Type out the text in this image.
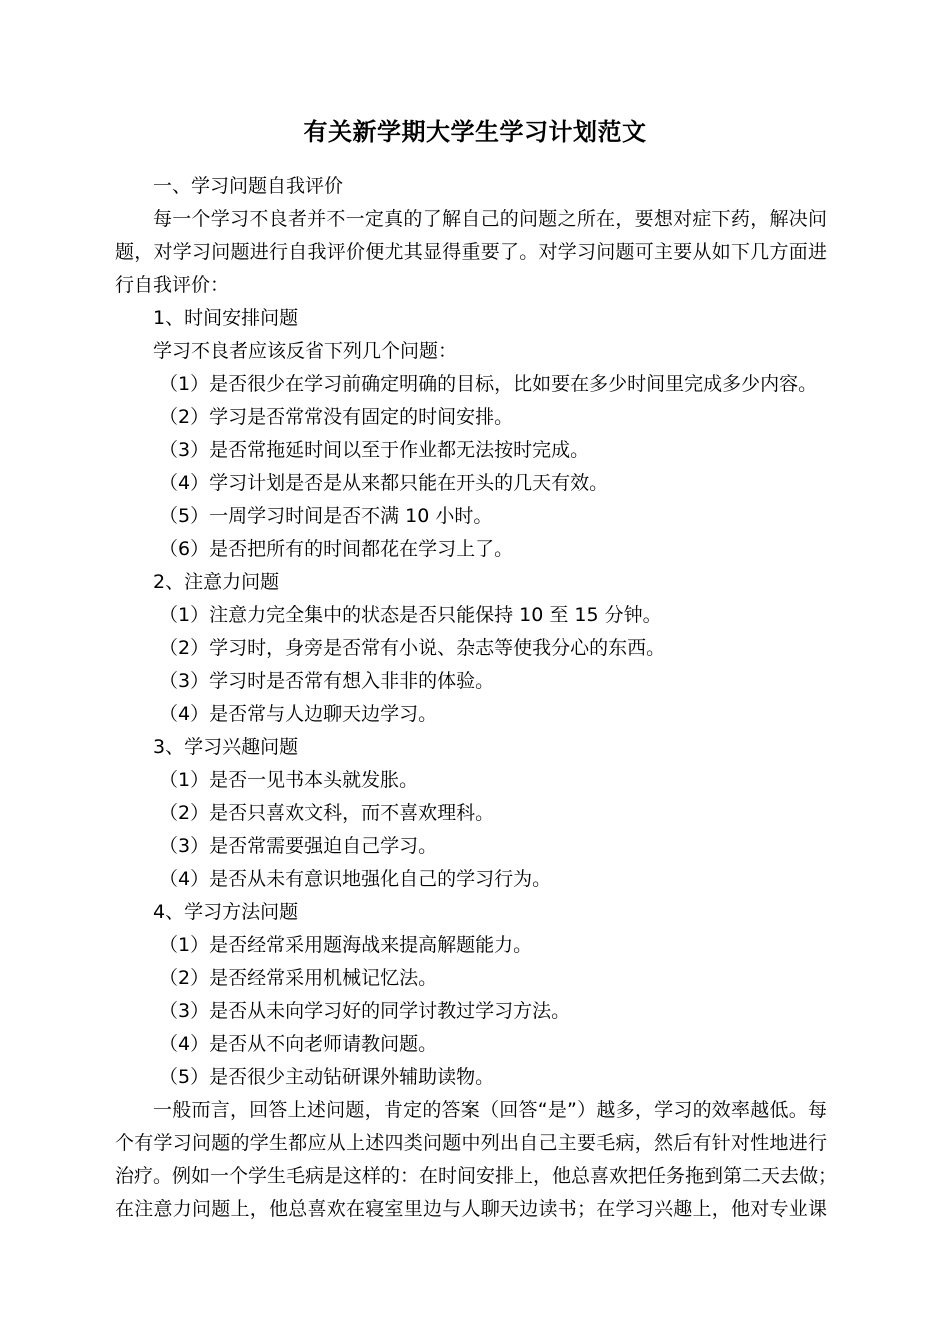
有关新学期大学生学习计划范文
一、学习问题自我评价
每一个学习不良者并不一定真的了解自己的问题之所在，要想对症下药，解决问
题，对学习问题进行自我评价便尤其显得重要了。对学习问题可主要从如下几方面进
行自我评价：
1、时间安排问题
学习不良者应该反省下列几个问题：
（1）是否很少在学习前确定明确的目标，比如要在多少时间里完成多少内容。
（2）学习是否常常没有固定的时间安排。
（3）是否常拖延时间以至于作业都无法按时完成。
（4）学习计划是否是从来都只能在开头的几天有效。
（5）一周学习时间是否不满 10 小时。
（6）是否把所有的时间都花在学习上了。
2、注意力问题
（1）注意力完全集中的状态是否只能保持 10 至 15 分钟。
（2）学习时，身旁是否常有小说、杂志等使我分心的东西。
（3）学习时是否常有想入非非的体验。
（4）是否常与人边聊天边学习。
3、学习兴趣问题
（1）是否一见书本头就发胀。
（2）是否只喜欢文科，而不喜欢理科。
（3）是否常需要强迫自己学习。
（4）是否从未有意识地强化自己的学习行为。
4、学习方法问题
（1）是否经常采用题海战来提高解题能力。
（2）是否经常采用机械记忆法。
（3）是否从未向学习好的同学讨教过学习方法。
（4）是否从不向老师请教问题。
（5）是否很少主动钻研课外辅助读物。
一般而言，回答上述问题，肯定的答案（回答“是”）越多，学习的效率越低。每
个有学习问题的学生都应从上述四类问题中列出自己主要毛病，然后有针对性地进行
治疗。例如一个学生毛病是这样的：在时间安排上，他总喜欢把任务拖到第二天去做；
在注意力问题上，他总喜欢在寝室里边与人聊天边读书；在学习兴趣上，他对专业课
